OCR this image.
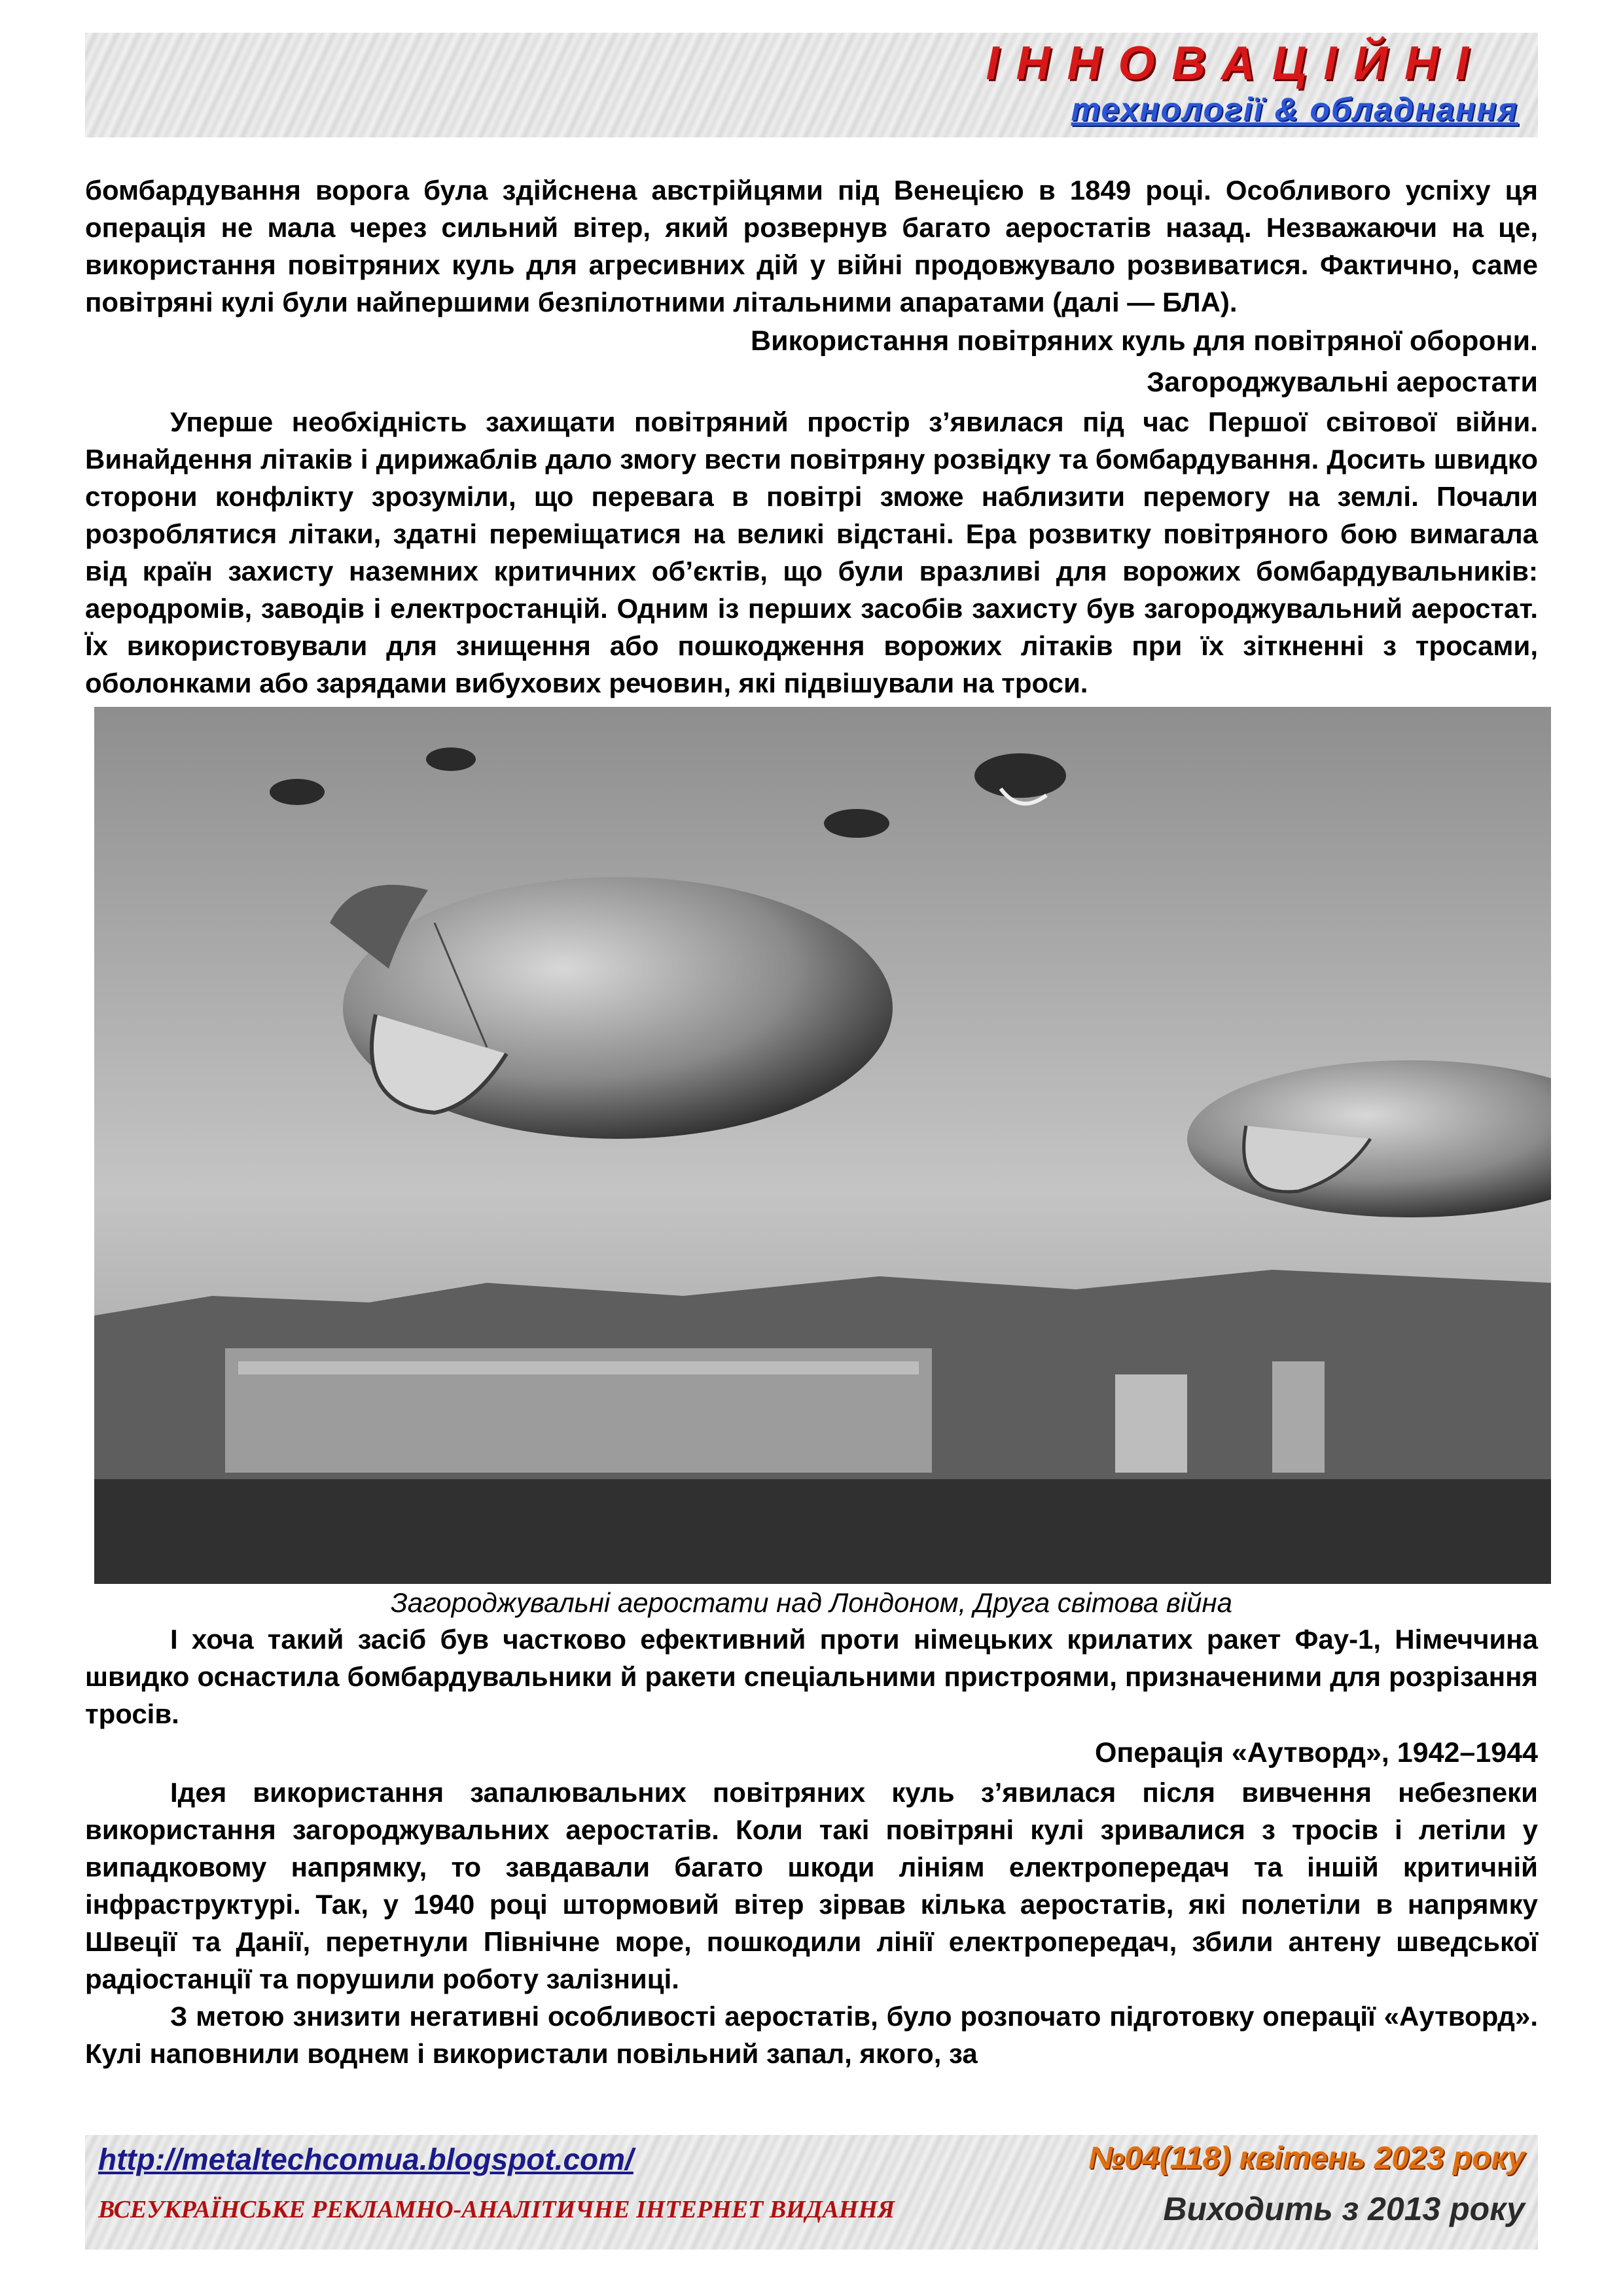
ІННОВАЦІЙНІ
технології & обладнання

бомбардування ворога була здійснена австрійцями під Венецією в 1849 році. Особливого успіху ця операція не мала через сильний вітер, який розвернув багато аеростатів назад. Незважаючи на це, використання повітряних куль для агресивних дій у війні продовжувало розвиватися. Фактично, саме повітряні кулі були найпершими безпілотними літальними апаратами (далі — БЛА).

Використання повітряних куль для повітряної оборони.

Загороджувальні аеростати

Уперше необхідність захищати повітряний простір з’явилася під час Першої світової війни. Винайдення літаків і дирижаблів дало змогу вести повітряну розвідку та бомбардування. Досить швидко сторони конфлікту зрозуміли, що перевага в повітрі зможе наблизити перемогу на землі. Почали розроблятися літаки, здатні переміщатися на великі відстані. Ера розвитку повітряного бою вимагала від країн захисту наземних критичних об’єктів, що були вразливі для ворожих бомбардувальників: аеродромів, заводів і електростанцій. Одним із перших засобів захисту був загороджувальний аеростат. Їх використовували для знищення або пошкодження ворожих літаків при їх зіткненні з тросами, оболонками або зарядами вибухових речовин, які підвішували на троси.

Загороджувальні аеростати над Лондоном, Друга світова війна

І хоча такий засіб був частково ефективний проти німецьких крилатих ракет Фау-1, Німеччина швидко оснастила бомбардувальники й ракети спеціальними пристроями, призначеними для розрізання тросів.

Операція «Аутворд», 1942–1944

Ідея використання запалювальних повітряних куль з’явилася після вивчення небезпеки використання загороджувальних аеростатів. Коли такі повітряні кулі зривалися з тросів і летіли у випадковому напрямку, то завдавали багато шкоди лініям електропередач та іншій критичній інфраструктурі. Так, у 1940 році штормовий вітер зірвав кілька аеростатів, які полетіли в напрямку Швеції та Данії, перетнули Північне море, пошкодили лінії електропередач, збили антену шведської радіостанції та порушили роботу залізниці.

З метою знизити негативні особливості аеростатів, було розпочато підготовку операції «Аутворд». Кулі наповнили воднем і використали повільний запал, якого, за

http://metaltechcomua.blogspot.com/
ВСЕУКРАЇНСЬКЕ РЕКЛАМНО-АНАЛІТИЧНЕ ІНТЕРНЕТ ВИДАННЯ
№04(118) квітень 2023 року
Виходить з 2013 року
